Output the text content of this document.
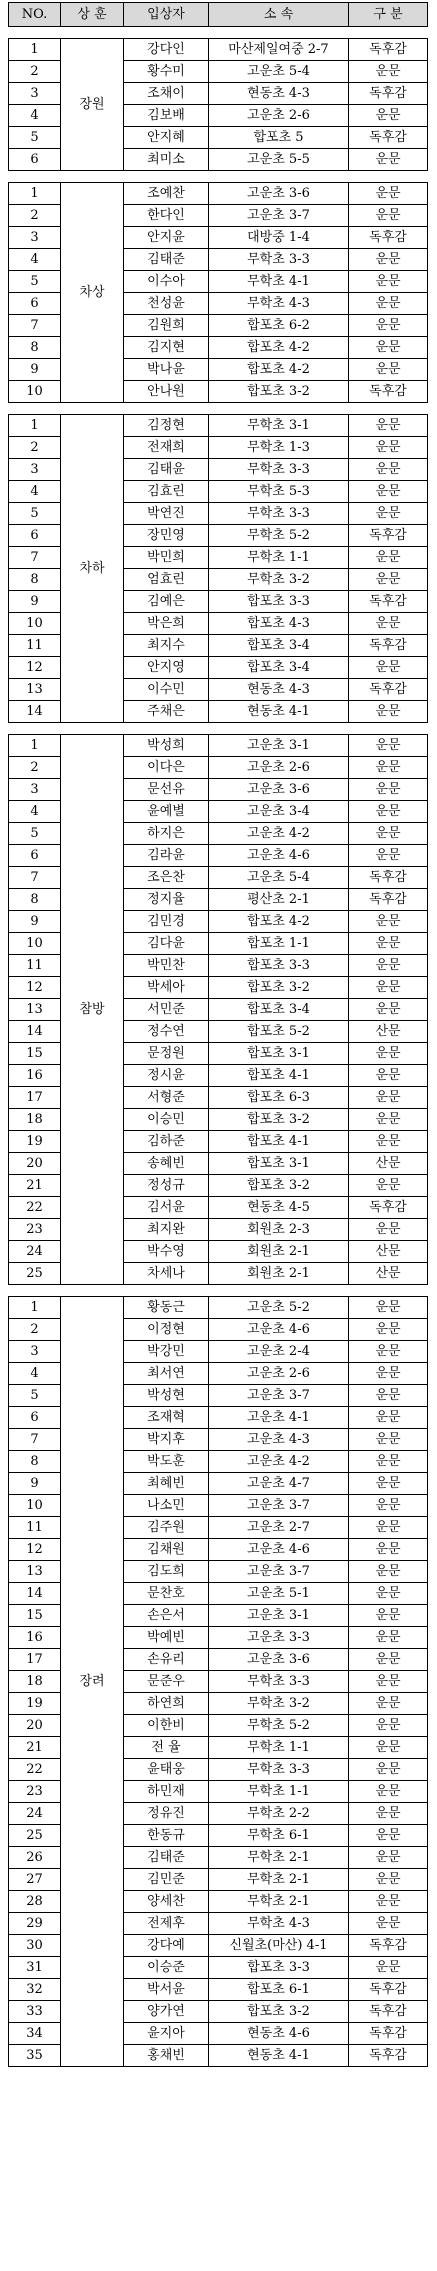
NO.	상 훈	입상자	소 속	구 분

1	장원	강다인	마산제일여중 2-7	독후감
2		황수미	고운초 5-4	운문
3		조채이	현동초 4-3	독후감
4		김보배	고운초 2-6	운문
5		안지혜	합포초 5	독후감
6		최미소	고운초 5-5	운문

1	차상	조예찬	고운초 3-6	운문
2		한다인	고운초 3-7	운문
3		안지윤	대방중 1-4	독후감
4		김태준	무학초 3-3	운문
5		이수아	무학초 4-1	운문
6		천성윤	무학초 4-3	운문
7		김원희	합포초 6-2	운문
8		김지현	합포초 4-2	운문
9		박나윤	합포초 4-2	운문
10		안나원	합포초 3-2	독후감

1	차하	김정현	무학초 3-1	운문
2		전재희	무학초 1-3	운문
3		김태윤	무학초 3-3	운문
4		김효린	무학초 5-3	운문
5		박연진	무학초 3-3	운문
6		장민영	무학초 5-2	독후감
7		박민희	무학초 1-1	운문
8		엄효린	무학초 3-2	운문
9		김예은	합포초 3-3	독후감
10		박은희	합포초 4-3	운문
11		최지수	합포초 3-4	독후감
12		안지영	합포초 3-4	운문
13		이수민	현동초 4-3	독후감
14		주채은	현동초 4-1	운문

1	참방	박성희	고운초 3-1	운문
2		이다은	고운초 2-6	운문
3		문선유	고운초 3-6	운문
4		윤예별	고운초 3-4	운문
5		하지은	고운초 4-2	운문
6		김라윤	고운초 4-6	운문
7		조은찬	고운초 5-4	독후감
8		정지율	평산초 2-1	독후감
9		김민경	합포초 4-2	운문
10		김다윤	합포초 1-1	운문
11		박민찬	합포초 3-3	운문
12		박세아	합포초 3-2	운문
13		서민준	합포초 3-4	운문
14		정수연	합포초 5-2	산문
15		문정원	합포초 3-1	운문
16		정시윤	합포초 4-1	운문
17		서형준	합포초 6-3	운문
18		이승민	합포초 3-2	운문
19		김하준	합포초 4-1	운문
20		송혜빈	합포초 3-1	산문
21		정성규	합포초 3-2	운문
22		김서윤	현동초 4-5	독후감
23		최지완	회원초 2-3	운문
24		박수영	회원초 2-1	산문
25		차세나	회원초 2-1	산문

1	장려	황동근	고운초 5-2	운문
2		이정현	고운초 4-6	운문
3		박강민	고운초 2-4	운문
4		최서연	고운초 2-6	운문
5		박성현	고운초 3-7	운문
6		조재혁	고운초 4-1	운문
7		박지후	고운초 4-3	운문
8		박도훈	고운초 4-2	운문
9		최혜빈	고운초 4-7	운문
10		나소민	고운초 3-7	운문
11		김주원	고운초 2-7	운문
12		김채원	고운초 4-6	운문
13		김도희	고운초 3-7	운문
14		문찬호	고운초 5-1	운문
15		손은서	고운초 3-1	운문
16		박예빈	고운초 3-3	운문
17		손유리	고운초 3-6	운문
18		문준우	무학초 3-3	운문
19		하연희	무학초 3-2	운문
20		이한비	무학초 5-2	운문
21		전 율	무학초 1-1	운문
22		윤태웅	무학초 3-3	운문
23		하민재	무학초 1-1	운문
24		정유진	무학초 2-2	운문
25		한동규	무학초 6-1	운문
26		김태준	무학초 2-1	운문
27		김민준	무학초 2-1	운문
28		양세찬	무학초 2-1	운문
29		전제후	무학초 4-3	운문
30		강다예	신월초(마산) 4-1	독후감
31		이승준	합포초 3-3	운문
32		박서윤	합포초 6-1	독후감
33		양가연	합포초 3-2	독후감
34		윤지아	현동초 4-6	독후감
35		홍채빈	현동초 4-1	독후감
